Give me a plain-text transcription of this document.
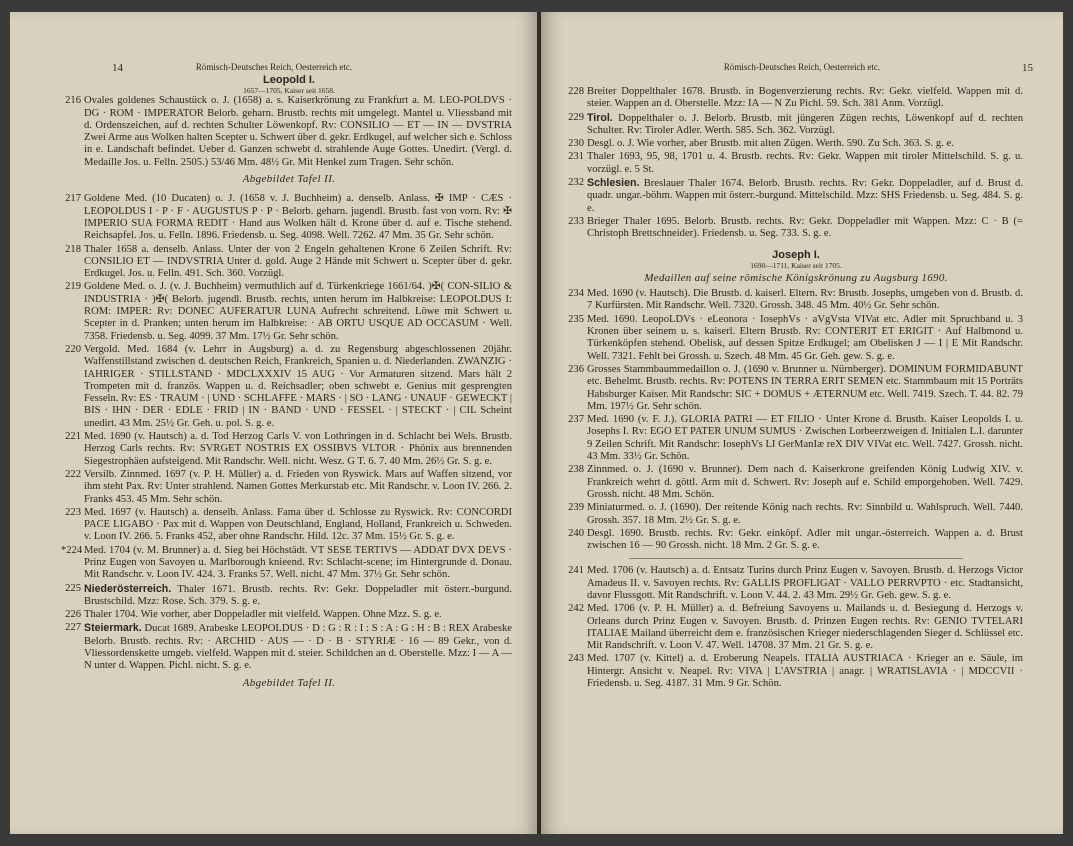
14	Römisch-Deutsches Reich, Oesterreich etc.
Leopold I.
1657—1705, Kaiser seit 1658.
216 Ovales goldenes Schaustück o. J. (1658) a. s. Kaiserkrönung zu Frankfurt a. M. LEO-POLDVS · DG · ROM · IMPERATOR Belorb. geharn. Brustb. rechts mit umgelegt. Mantel u. Vliessband mit d. Ordenszeichen, auf d. rechten Schulter Löwenkopf. Rv: CONSILIO — ET — IN — DVSTRIA Zwei Arme aus Wolken halten Scepter u. Schwert über d. gekr. Erdkugel, auf welcher sich e. Schloss in e. Landschaft befindet. Ueber d. Ganzen schwebt d. strahlende Auge Gottes. Unedirt. (Vergl. d. Medaille Jos. u. Felln. 2505.) 53/46 Mm. 48½ Gr. Mit Henkel zum Tragen. Sehr schön.
Abgebildet Tafel II.
217 Goldene Med. (10 Ducaten) o. J. (1658 v. J. Buchheim) a. denselb. Anlass. ✠ IMP · CÆS · LEOPOLDUS I · P · F · AUGUSTUS P · P · Belorb. geharn. jugendl. Brustb. fast von vorn. Rv: ✠ IMPERIO SUA FORMA REDIT · Hand aus Wolken hält d. Krone über d. auf e. Tische stehend. Reichsapfel. Jos. u. Felln. 1896. Friedensb. u. Seg. 4098. Well. 7262. 47 Mm. 35 Gr. Sehr schön.
218 Thaler 1658 a. denselb. Anlass. Unter der von 2 Engeln gehaltenen Krone 6 Zeilen Schrift. Rv: CONSILIO ET — INDVSTRIA Unter d. gold. Auge 2 Hände mit Schwert u. Scepter über d. gekr. Erdkugel. Jos. u. Felln. 491. Sch. 360. Vorzügl.
219 Goldene Med. o. J. (v. J. Buchheim) vermuthlich auf d. Türkenkriege 1661/64. )✠( CON-SILIO & INDUSTRIA · )✠( Belorb. jugendl. Brustb. rechts, unten herum im Halbkreise: LEOPOLDUS I: ROM: IMPER: Rv: DONEC AUFERATUR LUNA Aufrecht schreitend. Löwe mit Schwert u. Scepter in d. Pranken; unten herum im Halbkreise: · AB ORTU USQUE AD OCCASUM · Well. 7358. Friedensb. u. Seg. 4099. 37 Mm. 17½ Gr. Sehr schön.
220 Vergold. Med. 1684 (v. Lehrr in Augsburg) a. d. zu Regensburg abgeschlossenen 20jähr. Waffenstillstand zwischen d. deutschen Reich, Frankreich, Spanien u. d. Niederlanden. ZWANZIG · IAHRIGER · STILLSTAND · MDCLXXXIV 15 AUG · Vor Armaturen sitzend. Mars hält 2 Trompeten mit d. französ. Wappen u. d. Reichsadler; oben schwebt e. Genius mit gesprengten Fesseln. Rv: ES · TRAUM · | UND · SCHLAFFE · MARS · | SO · LANG · UNAUF · GEWECKT | BIS · IHN · DER · EDLE · FRID | IN · BAND · UND · FESSEL · | STECKT · | CIL Scheint unedirt. 43 Mm. 25½ Gr. Geh. u. pol. S. g. e.
221 Med. 1690 (v. Hautsch) a. d. Tod Herzog Carls V. von Lothringen in d. Schlacht bei Wels. Brustb. Herzog Carls rechts. Rv: SVRGET NOSTRIS EX OSSIBVS VLTOR · Phönix aus brennenden Siegestrophäen aufsteigend. Mit Randschr. Well. nicht. Wesz. G T. 6. 7. 40 Mm. 26½ Gr. S. g. e.
222 Versilb. Zinnmed. 1697 (v. P. H. Müller) a. d. Frieden von Ryswick. Mars auf Waffen sitzend, vor ihm steht Pax. Rv: Unter strahlend. Namen Gottes Merkurstab etc. Mit Randschr. v. Loon IV. 266. 2. Franks 453. 45 Mm. Sehr schön.
223 Med. 1697 (v. Hautsch) a. denselb. Anlass. Fama über d. Schlosse zu Ryswick. Rv: CONCORDI PACE LIGABO · Pax mit d. Wappen von Deutschland, England, Holland, Frankreich u. Schweden. v. Loon IV. 266. 5. Franks 452, aber ohne Randschr. Hild. 12c. 37 Mm. 15½ Gr. S. g. e.
*224 Med. 1704 (v. M. Brunner) a. d. Sieg bei Höchstädt. VT SESE TERTIVS — ADDAT DVX DEVS · Prinz Eugen von Savoyen u. Marlborough knieend. Rv: Schlacht-scene; im Hintergrunde d. Donau. Mit Randschr. v. Loon IV. 424. 3. Franks 57. Well. nicht. 47 Mm. 37½ Gr. Sehr schön.
225 Niederösterreich. Thaler 1671. Brustb. rechts. Rv: Gekr. Doppeladler mit österr.-burgund. Brustschild. Mzz: Rose. Sch. 379. S. g. e.
226 Thaler 1704. Wie vorher, aber Doppeladler mit vielfeld. Wappen. Ohne Mzz. S. g. e.
227 Steiermark. Ducat 1689. Arabeske LEOPOLDUS · D : G : R : I : S : A : G : H : B : REX Arabeske Belorb. Brustb. rechts. Rv: · ARCHID · AUS — · D · B · STYRIÆ · 16 — 89 Gekr., von d. Vliessordenskette umgeb. vielfeld. Wappen mit d. steier. Schildchen an d. Oberstelle. Mzz: I — A — N unter d. Wappen. Pichl. nicht. S. g. e.
Abgebildet Tafel II.
Römisch-Deutsches Reich, Oesterreich etc.	15
228 Breiter Doppelthaler 1678. Brustb. in Bogenverzierung rechts. Rv: Gekr. vielfeld. Wappen mit d. steier. Wappen an d. Oberstelle. Mzz: IA — N Zu Pichl. 59. Sch. 381 Anm. Vorzügl.
229 Tirol. Doppelthaler o. J. Belorb. Brustb. mit jüngeren Zügen rechts, Löwenkopf auf d. rechten Schulter. Rv: Tiroler Adler. Werth. 585. Sch. 362. Vorzügl.
230 Desgl. o. J. Wie vorher, aber Brustb. mit alten Zügen. Werth. 590. Zu Sch. 363. S. g. e.
231 Thaler 1693, 95, 98, 1701 u. 4. Brustb. rechts. Rv: Gekr. Wappen mit tiroler Mittelschild. S. g. u. vorzügl. e. 5 St.
232 Schlesien. Breslauer Thaler 1674. Belorb. Brustb. rechts. Rv: Gekr. Doppeladler, auf d. Brust d. quadr. ungar.-böhm. Wappen mit österr.-burgund. Mittelschild. Mzz: SHS Friedensb. u. Seg. 484. S. g. e.
233 Brieger Thaler 1695. Belorb. Brustb. rechts. Rv: Gekr. Doppeladler mit Wappen. Mzz: C · B (= Christoph Brettschneider). Friedensb. u. Seg. 733. S. g. e.
Joseph I.
1690—1711, Kaiser seit 1705.
Medaillen auf seine römische Königskrönung zu Augsburg 1690.
234 Med. 1690 (v. Hautsch). Die Brustb. d. kaiserl. Eltern. Rv: Brustb. Josephs, umgeben von d. Brustb. d. 7 Kurfürsten. Mit Randschr. Well. 7320. Grossh. 348. 45 Mm. 40½ Gr. Sehr schön.
235 Med. 1690. LeopoLDVs · eLeonora · IosephVs · aVgVsta VIVat etc. Adler mit Spruchband u. 3 Kronen über seinem u. s. kaiserl. Eltern Brustb. Rv: CONTERIT ET ERIGIT · Auf Halbmond u. Türkenköpfen stehend. Obelisk, auf dessen Spitze Erdkugel; am Obelisken J — I | E Mit Randschr. Well. 7321. Fehlt bei Grossh. u. Szech. 48 Mm. 45 Gr. Geh. gew. S. g. e.
236 Grosses Stammbaummedaillon o. J. (1690 v. Brunner u. Nürnberger). DOMINUM FORMIDABUNT etc. Behelmt. Brustb. rechts. Rv: POTENS IN TERRA ERIT SEMEN etc. Stammbaum mit 15 Porträts Habsburger Kaiser. Mit Randschr: SIC + DOMUS + ÆTERNUM etc. Well. 7419. Szech. T. 44. 82. 79 Mm. 197½ Gr. Sehr schön.
237 Med. 1690 (v. F. J.). GLORIA PATRI — ET FILIO · Unter Krone d. Brustb. Kaiser Leopolds I. u. Josephs I. Rv: EGO ET PATER UNUM SUMUS · Zwischen Lorbeerzweigen d. Initialen L.I. darunter 9 Zeilen Schrift. Mit Randschr: IosephVs LI GerManIæ reX DIV VIVat etc. Well. 7427. Grossh. nicht. 43 Mm. 33½ Gr. Schön.
238 Zinnmed. o. J. (1690 v. Brunner). Dem nach d. Kaiserkrone greifenden König Ludwig XIV. v. Frankreich wehrt d. göttl. Arm mit d. Schwert. Rv: Joseph auf e. Schild emporgehoben. Well. 7429. Grossh. nicht. 48 Mm. Schön.
239 Miniaturmed. o. J. (1690). Der reitende König nach rechts. Rv: Sinnbild u. Wahlspruch. Well. 7440. Grossh. 357. 18 Mm. 2½ Gr. S. g. e.
240 Desgl. 1690. Brustb. rechts. Rv: Gekr. einköpf. Adler mit ungar.-österreich. Wappen a. d. Brust zwischen 16 — 90 Grossh. nicht. 18 Mm. 2 Gr. S. g. e.
241 Med. 1706 (v. Hautsch) a. d. Entsatz Turins durch Prinz Eugen v. Savoyen. Brustb. d. Herzogs Victor Amadeus II. v. Savoyen rechts. Rv: GALLIS PROFLIGAT · VALLO PERRVPTO · etc. Stadtansicht, davor Flussgott. Mit Randschrift. v. Loon V. 44. 2. 43 Mm. 29½ Gr. Geh. gew. S. g. e.
242 Med. 1706 (v. P. H. Müller) a. d. Befreiung Savoyens u. Mailands u. d. Besiegung d. Herzogs v. Orleans durch Prinz Eugen v. Savoyen. Brustb. d. Prinzen Eugen rechts. Rv: GENIO TVTELARI ITALIAE Mailand überreicht dem e. französischen Krieger niederschlagenden Sieger d. Schlüssel etc. Mit Randschrift. v. Loon V. 47. Well. 14708. 37 Mm. 21 Gr. S. g. e.
243 Med. 1707 (v. Kittel) a. d. Eroberung Neapels. ITALIA AUSTRIACA · Krieger an e. Säule, im Hintergr. Ansicht v. Neapel. Rv: VIVA | L'AVSTRIA | anagr. | WRATISLAVIA · | MDCCVII · Friedensb. u. Seg. 4187. 31 Mm. 9 Gr. Schön.
